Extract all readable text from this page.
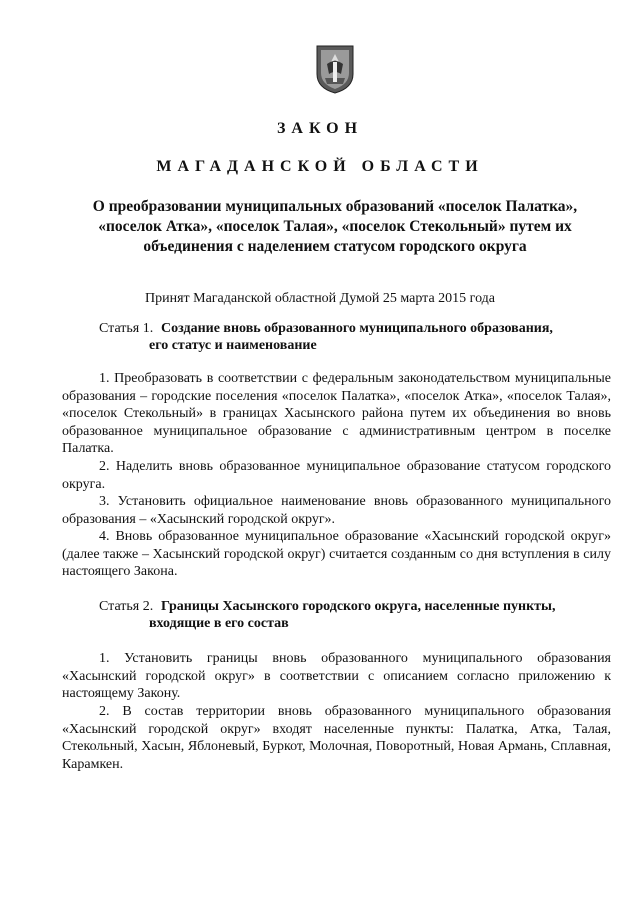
ЗАКОН
МАГАДАНСКОЙ ОБЛАСТИ
О преобразовании муниципальных образований «поселок Палатка», «поселок Атка», «поселок Талая», «поселок Стекольный» путем их объединения с наделением статусом городского округа
Принят Магаданской областной Думой 25 марта 2015 года
Статья 1. Создание вновь образованного муниципального образования,
его статус и наименование

1. Преобразовать в соответствии с федеральным законодательством муниципальные образования – городские поселения «поселок Палатка», «поселок Атка», «поселок Талая», «поселок Стекольный» в границах Хасынского района путем их объединения во вновь образованное муниципальное образование с административным центром в поселке Палатка.

2. Наделить вновь образованное муниципальное образование статусом городского округа.

3. Установить официальное наименование вновь образованного муниципального образования – «Хасынский городской округ».

4. Вновь образованное муниципальное образование «Хасынский городской округ» (далее также – Хасынский городской округ) считается созданным со дня вступления в силу настоящего Закона.

Статья 2. Границы Хасынского городского округа, населенные пункты,
входящие в его состав

1. Установить границы вновь образованного муниципального образования «Хасынский городской округ» в соответствии с описанием согласно приложению к настоящему Закону.

2. В состав территории вновь образованного муниципального образования «Хасынский городской округ» входят населенные пункты: Палатка, Атка, Талая, Стекольный, Хасын, Яблоневый, Буркот, Молочная, Поворотный, Новая Армань, Сплавная, Карамкен.
